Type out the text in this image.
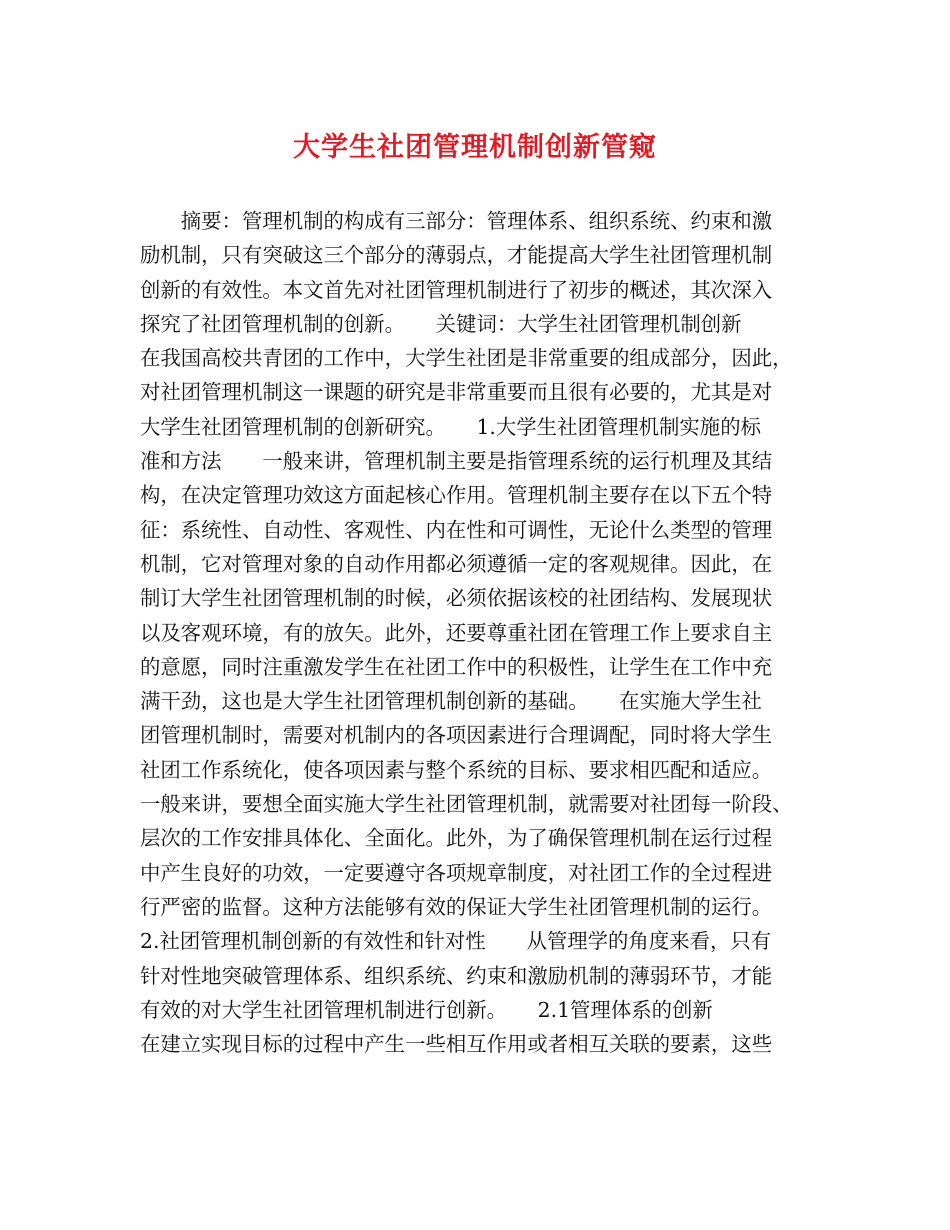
大学生社团管理机制创新管窥
　　摘要：管理机制的构成有三部分：管理体系、组织系统、约束和激
励机制，只有突破这三个部分的薄弱点，才能提高大学生社团管理机制
创新的有效性。本文首先对社团管理机制进行了初步的概述，其次深入
探究了社团管理机制的创新。　　关键词：大学生社团管理机制创新
在我国高校共青团的工作中，大学生社团是非常重要的组成部分，因此，
对社团管理机制这一课题的研究是非常重要而且很有必要的，尤其是对
大学生社团管理机制的创新研究。　　1.大学生社团管理机制实施的标
准和方法　　一般来讲，管理机制主要是指管理系统的运行机理及其结
构，在决定管理功效这方面起核心作用。管理机制主要存在以下五个特
征：系统性、自动性、客观性、内在性和可调性，无论什么类型的管理
机制，它对管理对象的自动作用都必须遵循一定的客观规律。因此，在
制订大学生社团管理机制的时候，必须依据该校的社团结构、发展现状
以及客观环境，有的放矢。此外，还要尊重社团在管理工作上要求自主
的意愿，同时注重激发学生在社团工作中的积极性，让学生在工作中充
满干劲，这也是大学生社团管理机制创新的基础。　　在实施大学生社
团管理机制时，需要对机制内的各项因素进行合理调配，同时将大学生
社团工作系统化，使各项因素与整个系统的目标、要求相匹配和适应。
一般来讲，要想全面实施大学生社团管理机制，就需要对社团每一阶段、
层次的工作安排具体化、全面化。此外，为了确保管理机制在运行过程
中产生良好的功效，一定要遵守各项规章制度，对社团工作的全过程进
行严密的监督。这种方法能够有效的保证大学生社团管理机制的运行。
2.社团管理机制创新的有效性和针对性　　从管理学的角度来看，只有
针对性地突破管理体系、组织系统、约束和激励机制的薄弱环节，才能
有效的对大学生社团管理机制进行创新。　　2.1管理体系的创新
在建立实现目标的过程中产生一些相互作用或者相互关联的要素，这些
